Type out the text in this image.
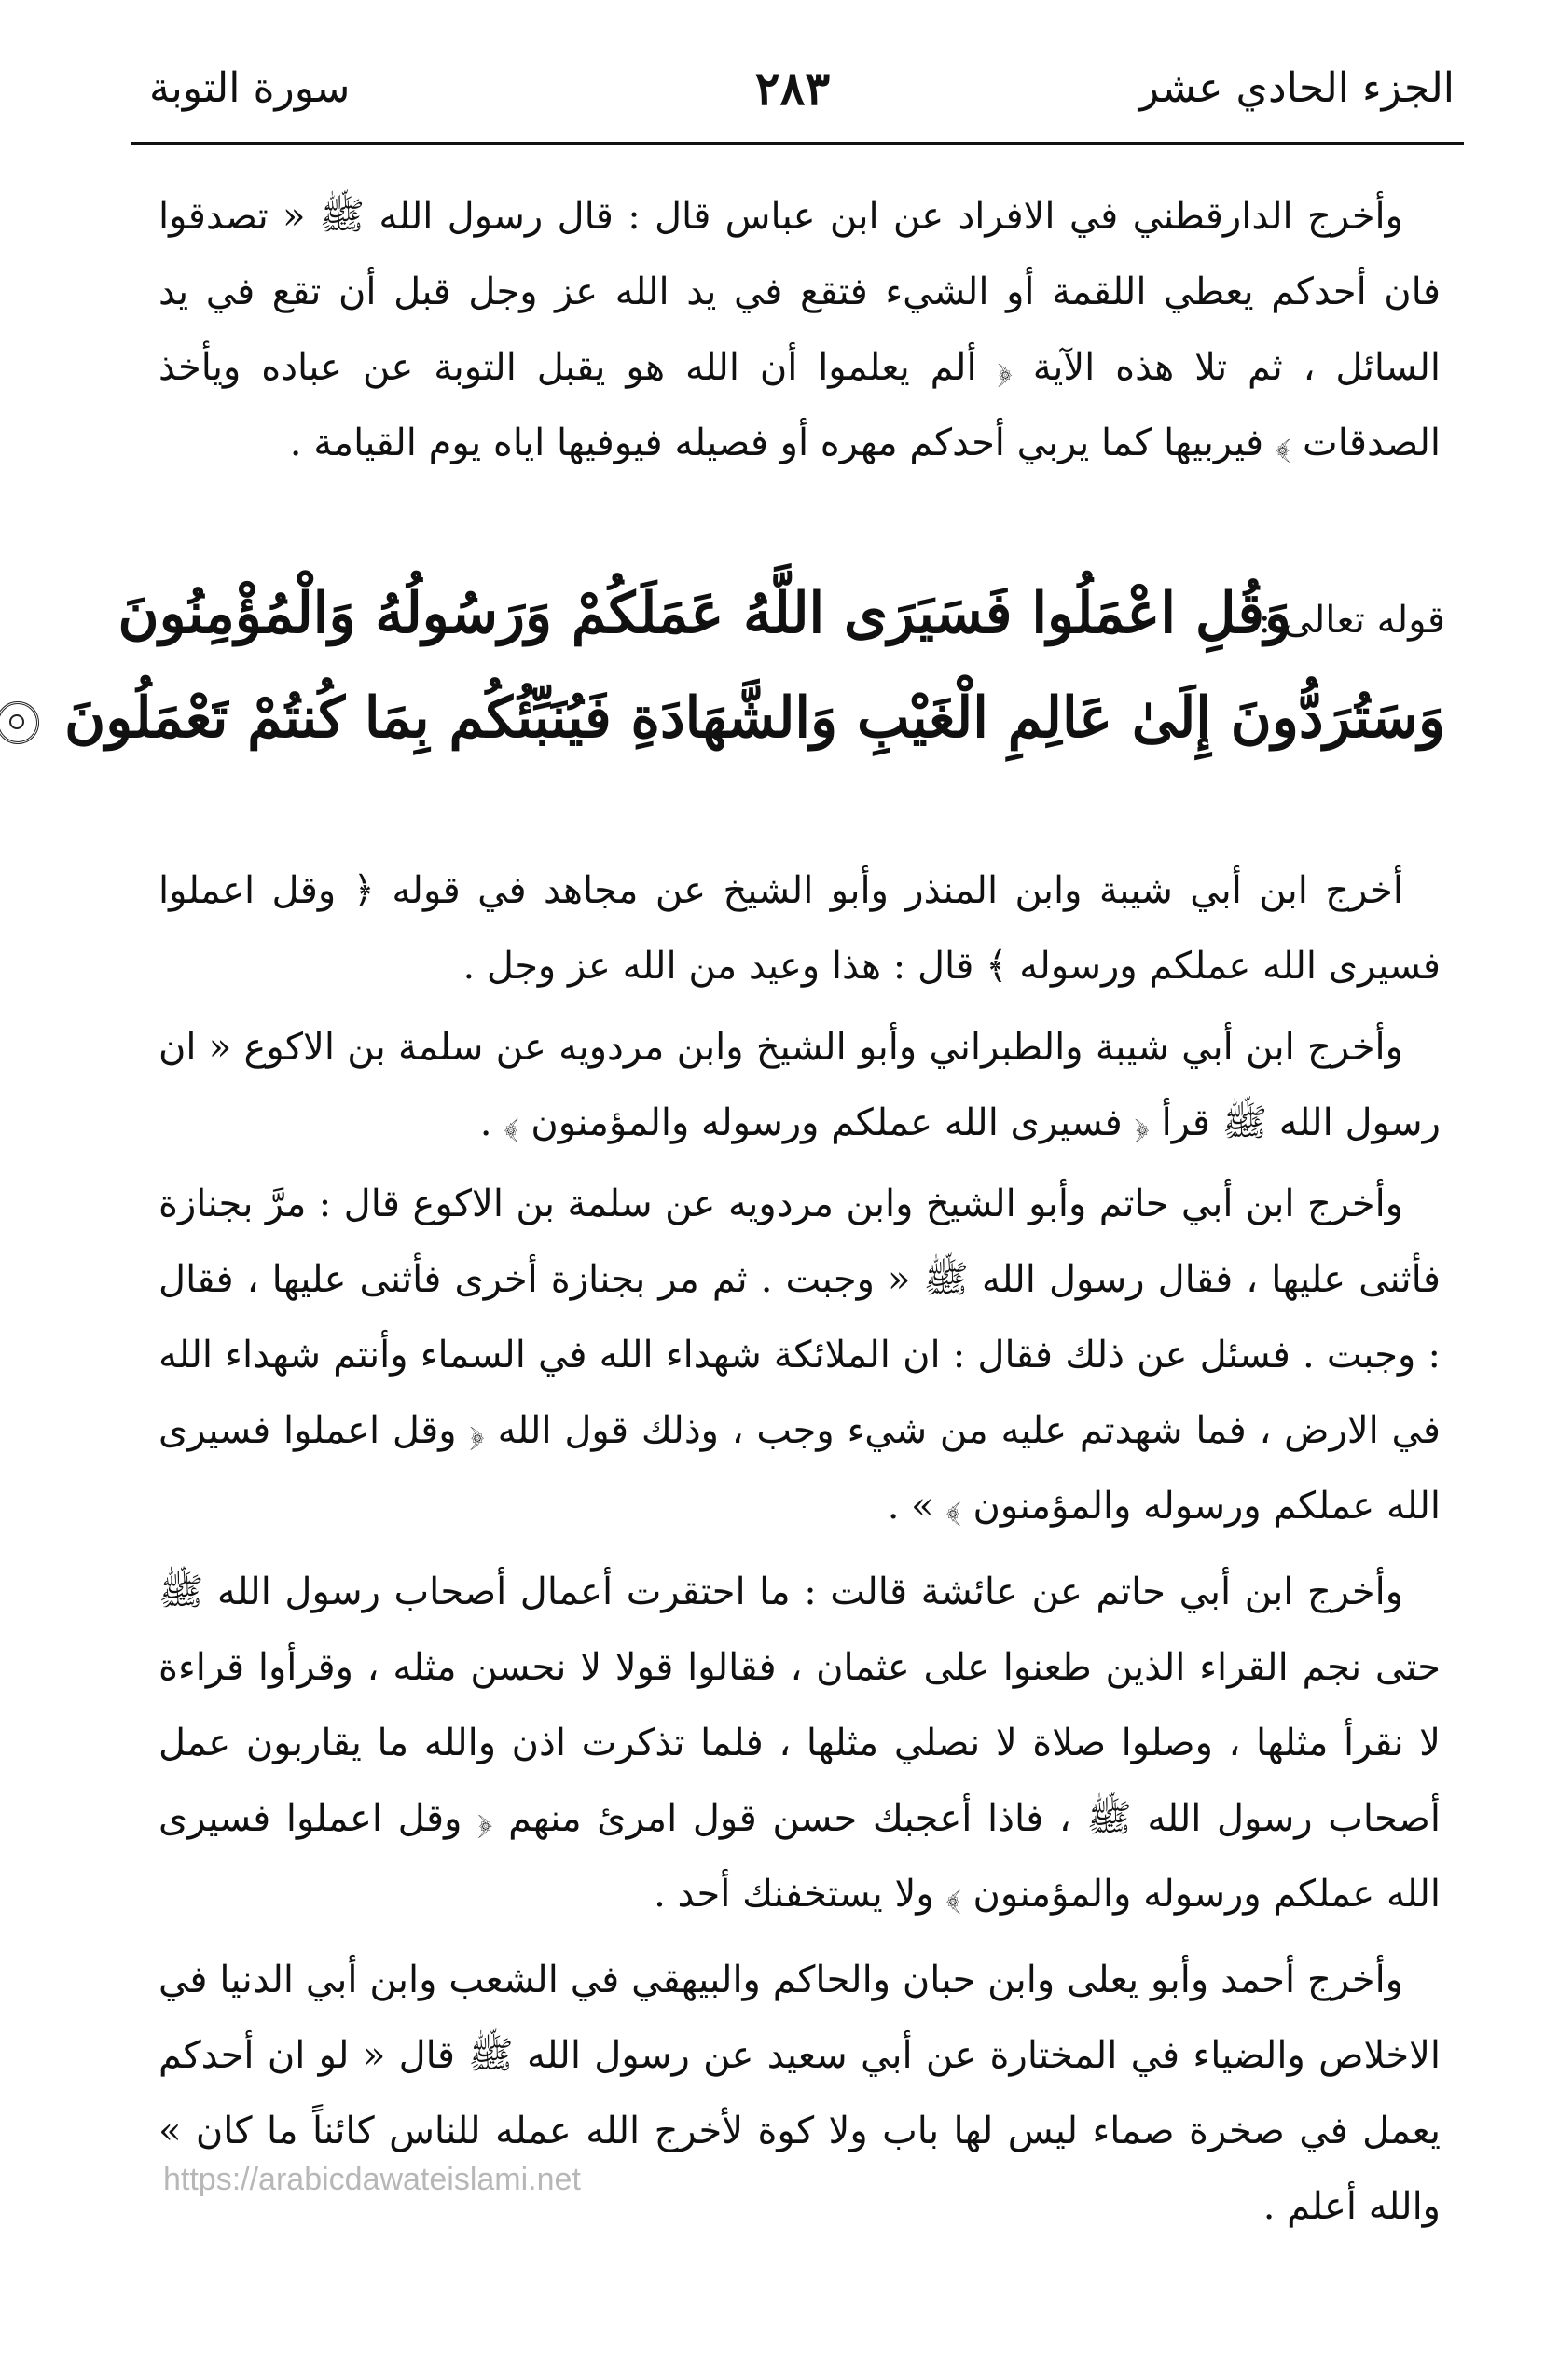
الجزء الحادي عشر
٢٨٣
سورة التوبة

وأخرج الدارقطني في الافراد عن ابن عباس قال : قال رسول الله ﷺ « تصدقوا فان أحدكم يعطي اللقمة أو الشيء فتقع في يد الله عز وجل قبل أن تقع في يد السائل ، ثم تلا هذه الآية ﴿ ألم يعلموا أن الله هو يقبل التوبة عن عباده ويأخذ الصدقات ﴾ فيربيها كما يربي أحدكم مهره أو فصيله فيوفيها اياه يوم القيامة .

قوله تعالى :
وَقُلِ اعْمَلُوا فَسَيَرَى اللَّهُ عَمَلَكُمْ وَرَسُولُهُ وَالْمُؤْمِنُونَ
وَسَتُرَدُّونَ إِلَىٰ عَالِمِ الْغَيْبِ وَالشَّهَادَةِ فَيُنَبِّئُكُم بِمَا كُنتُمْ تَعْمَلُونَ

أخرج ابن أبي شيبة وابن المنذر وأبو الشيخ عن مجاهد في قوله ﴿ وقل اعملوا فسيرى الله عملكم ورسوله ﴾ قال : هذا وعيد من الله عز وجل .

وأخرج ابن أبي شيبة والطبراني وأبو الشيخ وابن مردويه عن سلمة بن الاكوع « ان رسول الله ﷺ قرأ ﴿ فسيرى الله عملكم ورسوله والمؤمنون ﴾ .

وأخرج ابن أبي حاتم وأبو الشيخ وابن مردويه عن سلمة بن الاكوع قال : مرَّ بجنازة فأثنى عليها ، فقال رسول الله ﷺ « وجبت . ثم مر بجنازة أخرى فأثنى عليها ، فقال : وجبت . فسئل عن ذلك فقال : ان الملائكة شهداء الله في السماء وأنتم شهداء الله في الارض ، فما شهدتم عليه من شيء وجب ، وذلك قول الله ﴿ وقل اعملوا فسيرى الله عملكم ورسوله والمؤمنون ﴾ » .

وأخرج ابن أبي حاتم عن عائشة قالت : ما احتقرت أعمال أصحاب رسول الله ﷺ حتى نجم القراء الذين طعنوا على عثمان ، فقالوا قولا لا نحسن مثله ، وقرأوا قراءة لا نقرأ مثلها ، وصلوا صلاة لا نصلي مثلها ، فلما تذكرت اذن والله ما يقاربون عمل أصحاب رسول الله ﷺ ، فاذا أعجبك حسن قول امرئ منهم ﴿ وقل اعملوا فسيرى الله عملكم ورسوله والمؤمنون ﴾ ولا يستخفنك أحد .

وأخرج أحمد وأبو يعلى وابن حبان والحاكم والبيهقي في الشعب وابن أبي الدنيا في الاخلاص والضياء في المختارة عن أبي سعيد عن رسول الله ﷺ قال « لو ان أحدكم يعمل في صخرة صماء ليس لها باب ولا كوة لأخرج الله عمله للناس كائناً ما كان » والله أعلم .

https://arabicdawateislami.net
